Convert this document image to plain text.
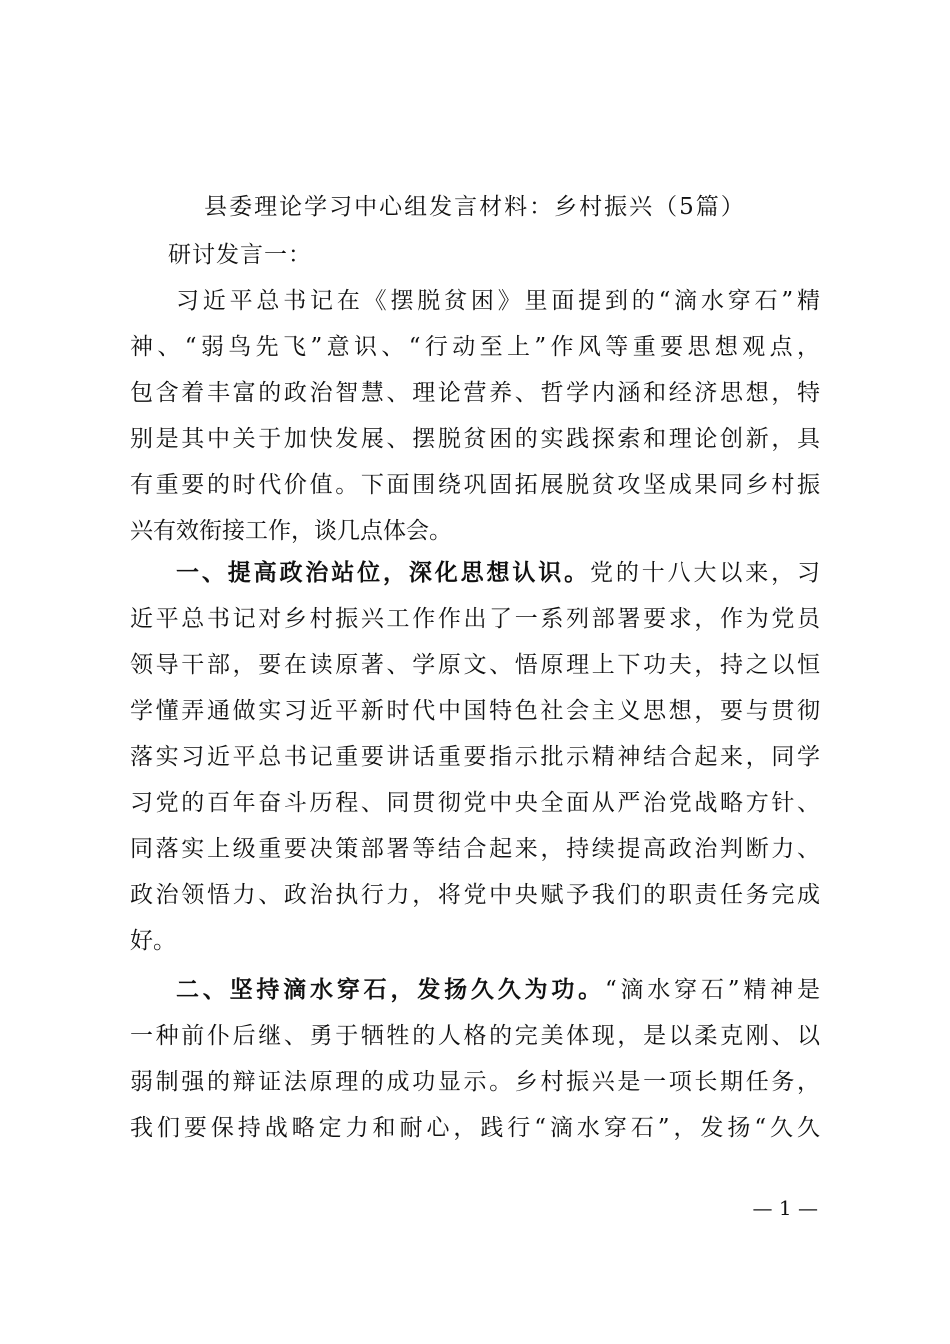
县委理论学习中心组发言材料：乡村振兴（5篇）
研讨发言一：
习近平总书记在《摆脱贫困》里面提到的“滴水穿石”精
神、“弱鸟先飞”意识、“行动至上”作风等重要思想观点，
包含着丰富的政治智慧、理论营养、哲学内涵和经济思想，特
别是其中关于加快发展、摆脱贫困的实践探索和理论创新，具
有重要的时代价值。下面围绕巩固拓展脱贫攻坚成果同乡村振
兴有效衔接工作，谈几点体会。
一、提高政治站位，深化思想认识。党的十八大以来，习
近平总书记对乡村振兴工作作出了一系列部署要求，作为党员
领导干部，要在读原著、学原文、悟原理上下功夫，持之以恒
学懂弄通做实习近平新时代中国特色社会主义思想，要与贯彻
落实习近平总书记重要讲话重要指示批示精神结合起来，同学
习党的百年奋斗历程、同贯彻党中央全面从严治党战略方针、
同落实上级重要决策部署等结合起来，持续提高政治判断力、
政治领悟力、政治执行力，将党中央赋予我们的职责任务完成
好。
二、坚持滴水穿石，发扬久久为功。“滴水穿石”精神是
一种前仆后继、勇于牺牲的人格的完美体现，是以柔克刚、以
弱制强的辩证法原理的成功显示。乡村振兴是一项长期任务，
我们要保持战略定力和耐心，践行“滴水穿石”，发扬“久久
— 1 —
